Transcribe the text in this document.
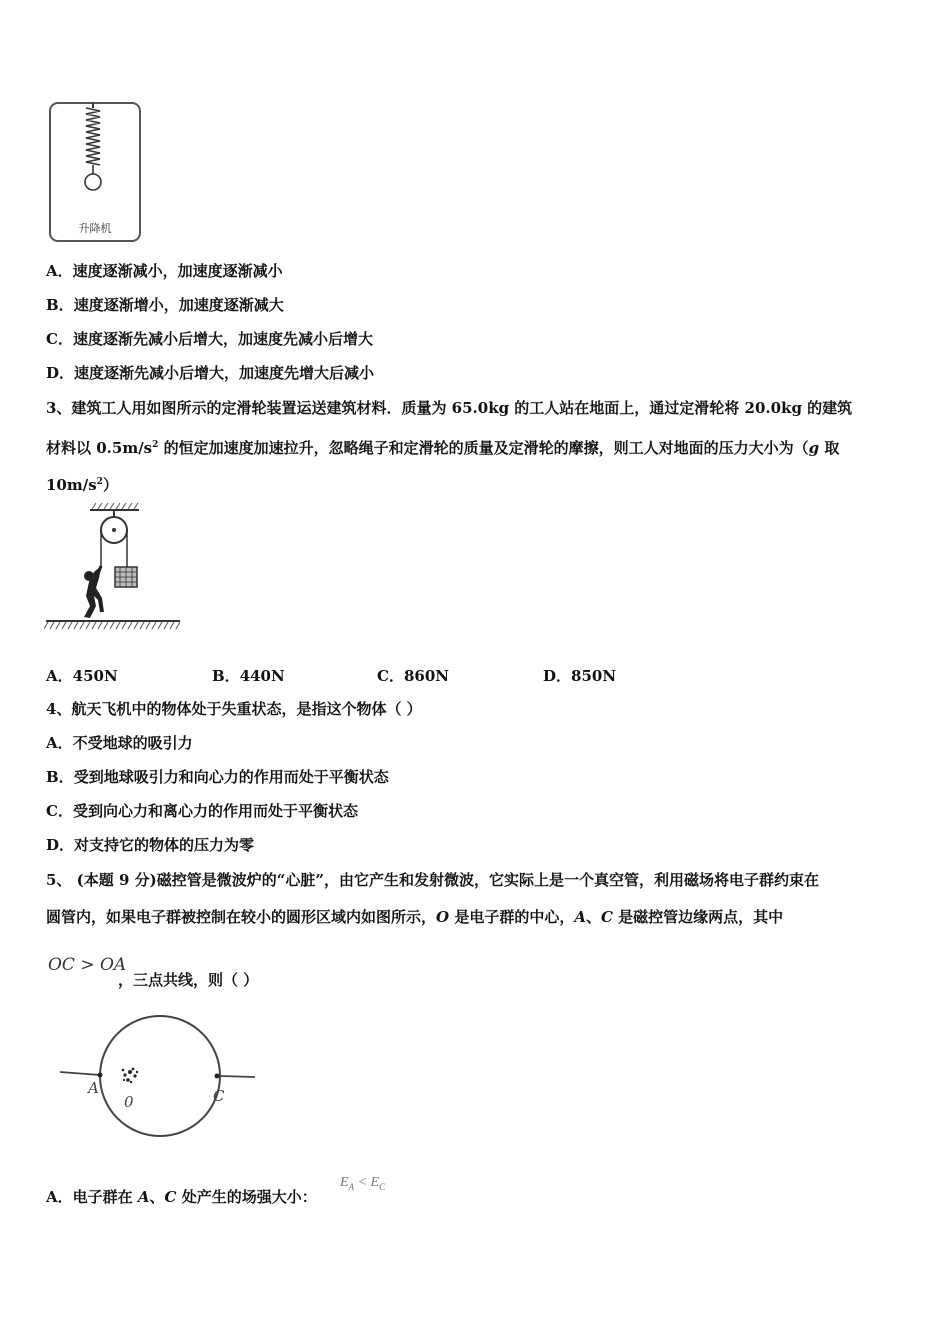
升降机
A．速度逐渐减小，加速度逐渐减小
B．速度逐渐增小，加速度逐渐减大
C．速度逐渐先减小后增大，加速度先减小后增大
D．速度逐渐先减小后增大，加速度先增大后减小
3、建筑工人用如图所示的定滑轮装置运送建筑材料．质量为 65.0kg 的工人站在地面上，通过定滑轮将 20.0kg 的建筑
材料以 $0.5m/s^2$ 的恒定加速度加速拉升，忽略绳子和定滑轮的质量及定滑轮的摩擦，则工人对地面的压力大小为（g 取
$10m/s^2$）
A．450N	B．440N	C．860N	D．850N
4、航天飞机中的物体处于失重状态，是指这个物体（ ）
A．不受地球的吸引力
B．受到地球吸引力和向心力的作用而处于平衡状态
C．受到向心力和离心力的作用而处于平衡状态
D．对支持它的物体的压力为零
5、 (本题 9 分)磁控管是微波炉的“心脏”，由它产生和发射微波，它实际上是一个真空管，利用磁场将电子群约束在
圆管内，如果电子群被控制在较小的圆形区域内如图所示，O 是电子群的中心，A、C 是磁控管边缘两点，其中
OC > OA
，三点共线，则（ ）
A
0	C
A．电子群在 A、C 处产生的场强大小：
$E_A < E_C$
